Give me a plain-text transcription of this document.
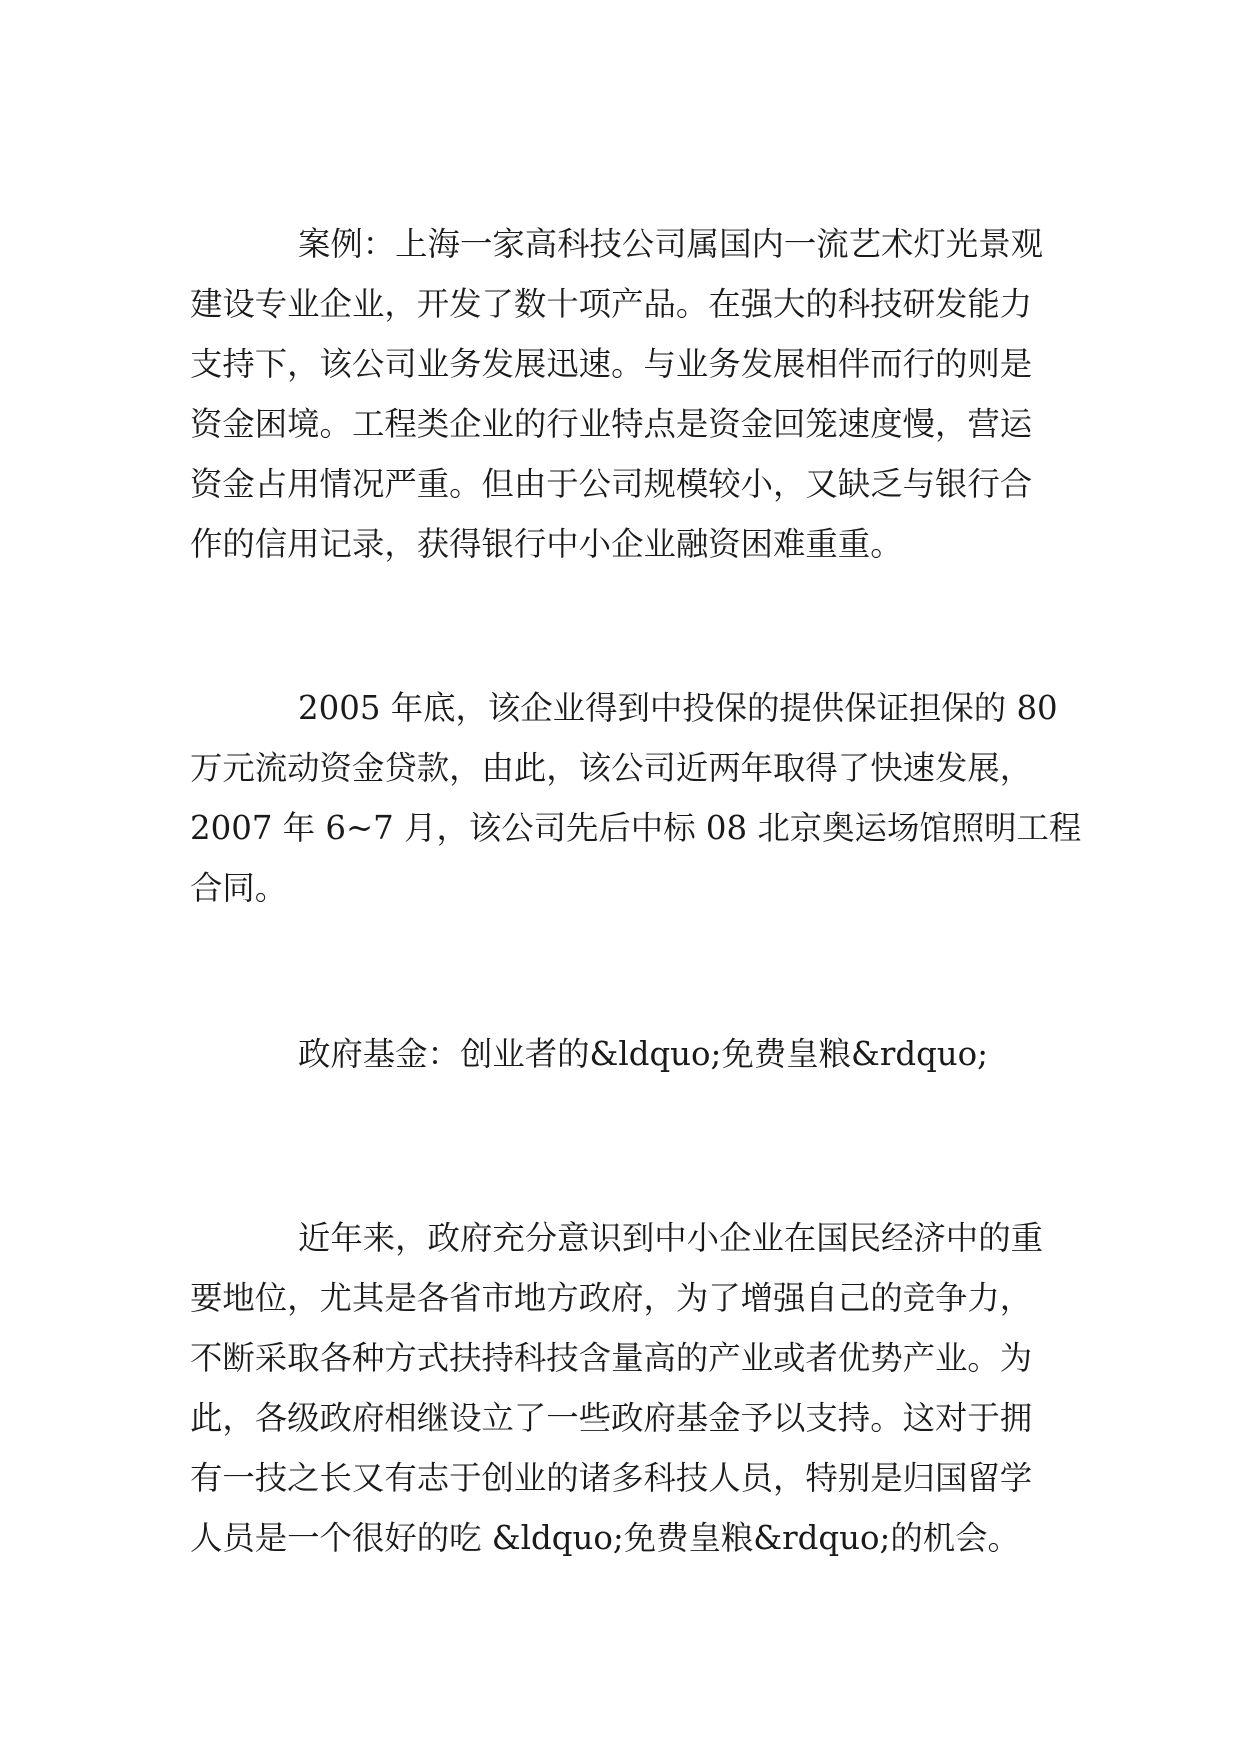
案例：上海一家高科技公司属国内一流艺术灯光景观
建设专业企业，开发了数十项产品。在强大的科技研发能力
支持下，该公司业务发展迅速。与业务发展相伴而行的则是
资金困境。工程类企业的行业特点是资金回笼速度慢，营运
资金占用情况严重。但由于公司规模较小，又缺乏与银行合
作的信用记录，获得银行中小企业融资困难重重。

2005 年底，该企业得到中投保的提供保证担保的 80
万元流动资金贷款，由此，该公司近两年取得了快速发展，
2007 年 6~7 月，该公司先后中标 08 北京奥运场馆照明工程
合同。

政府基金：创业者的&ldquo;免费皇粮&rdquo;

近年来，政府充分意识到中小企业在国民经济中的重
要地位，尤其是各省市地方政府，为了增强自己的竞争力，
不断采取各种方式扶持科技含量高的产业或者优势产业。为
此，各级政府相继设立了一些政府基金予以支持。这对于拥
有一技之长又有志于创业的诸多科技人员，特别是归国留学
人员是一个很好的吃 &ldquo;免费皇粮&rdquo;的机会。
